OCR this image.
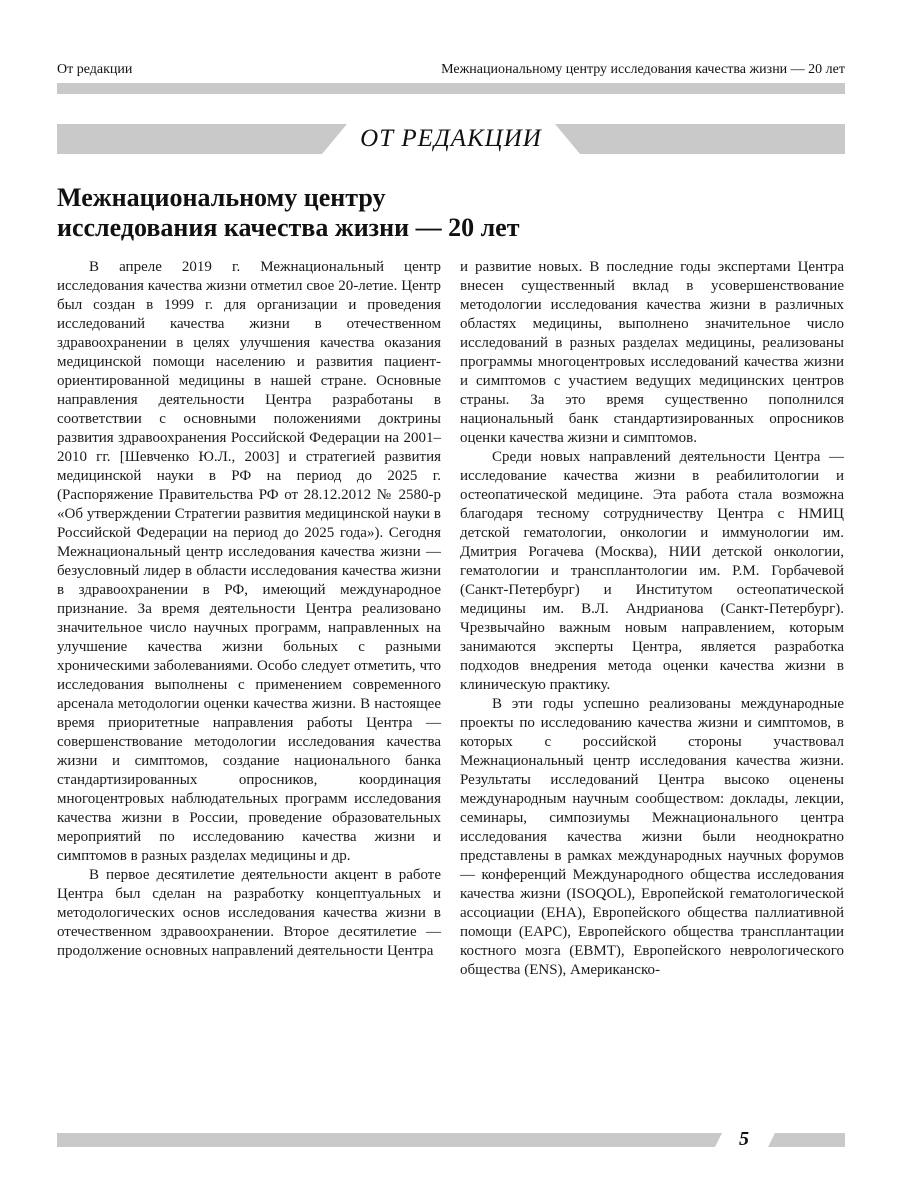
От редакции	Межнациональному центру исследования качества жизни — 20 лет
ОТ РЕДАКЦИИ
Межнациональному центру
исследования качества жизни — 20 лет

В апреле 2019 г. Межнациональный центр исследования качества жизни отметил свое 20-летие. Центр был создан в 1999 г. для организации и проведения исследований качества жизни в отечественном здравоохранении в целях улучшения качества оказания медицинской помощи населению и развития пациент-ориентированной медицины в нашей стране. Основные направления деятельности Центра разработаны в соответствии с основными положениями доктрины развития здравоохранения Российской Федерации на 2001–2010 гг. [Шевченко Ю.Л., 2003] и стратегией развития медицинской науки в РФ на период до 2025 г. (Распоряжение Правительства РФ от 28.12.2012 № 2580-р «Об утверждении Стратегии развития медицинской науки в Российской Федерации на период до 2025 года»). Сегодня Межнациональный центр исследования качества жизни — безусловный лидер в области исследования качества жизни в здравоохранении в РФ, имеющий международное признание. За время деятельности Центра реализовано значительное число научных программ, направленных на улучшение качества жизни больных с разными хроническими заболеваниями. Особо следует отметить, что исследования выполнены с применением современного арсенала методологии оценки качества жизни. В настоящее время приоритетные направления работы Центра — совершенствование методологии исследования качества жизни и симптомов, создание национального банка стандартизированных опросников, координация многоцентровых наблюдательных программ исследования качества жизни в России, проведение образовательных мероприятий по исследованию качества жизни и симптомов в разных разделах медицины и др.

В первое десятилетие деятельности акцент в работе Центра был сделан на разработку концептуальных и методологических основ исследования качества жизни в отечественном здравоохранении. Второе десятилетие — продолжение основных направлений деятельности Центра

и развитие новых. В последние годы экспертами Центра внесен существенный вклад в усовершенствование методологии исследования качества жизни в различных областях медицины, выполнено значительное число исследований в разных разделах медицины, реализованы программы многоцентровых исследований качества жизни и симптомов с участием ведущих медицинских центров страны. За это время существенно пополнился национальный банк стандартизированных опросников оценки качества жизни и симптомов.

Среди новых направлений деятельности Центра — исследование качества жизни в реабилитологии и остеопатической медицине. Эта работа стала возможна благодаря тесному сотрудничеству Центра с НМИЦ детской гематологии, онкологии и иммунологии им. Дмитрия Рогачева (Москва), НИИ детской онкологии, гематологии и трансплантологии им. Р.М. Горбачевой (Санкт-Петербург) и Институтом остеопатической медицины им. В.Л. Андрианова (Санкт-Петербург). Чрезвычайно важным новым направлением, которым занимаются эксперты Центра, является разработка подходов внедрения метода оценки качества жизни в клиническую практику.

В эти годы успешно реализованы международные проекты по исследованию качества жизни и симптомов, в которых с российской стороны участвовал Межнациональный центр исследования качества жизни. Результаты исследований Центра высоко оценены международным научным сообществом: доклады, лекции, семинары, симпозиумы Межнационального центра исследования качества жизни были неоднократно представлены в рамках международных научных форумов — конференций Международного общества исследования качества жизни (ISOQOL), Европейской гематологической ассоциации (EHA), Европейского общества паллиативной помощи (EAPC), Европейского общества трансплантации костного мозга (EBMT), Европейского неврологического общества (ENS), Американско-

5
